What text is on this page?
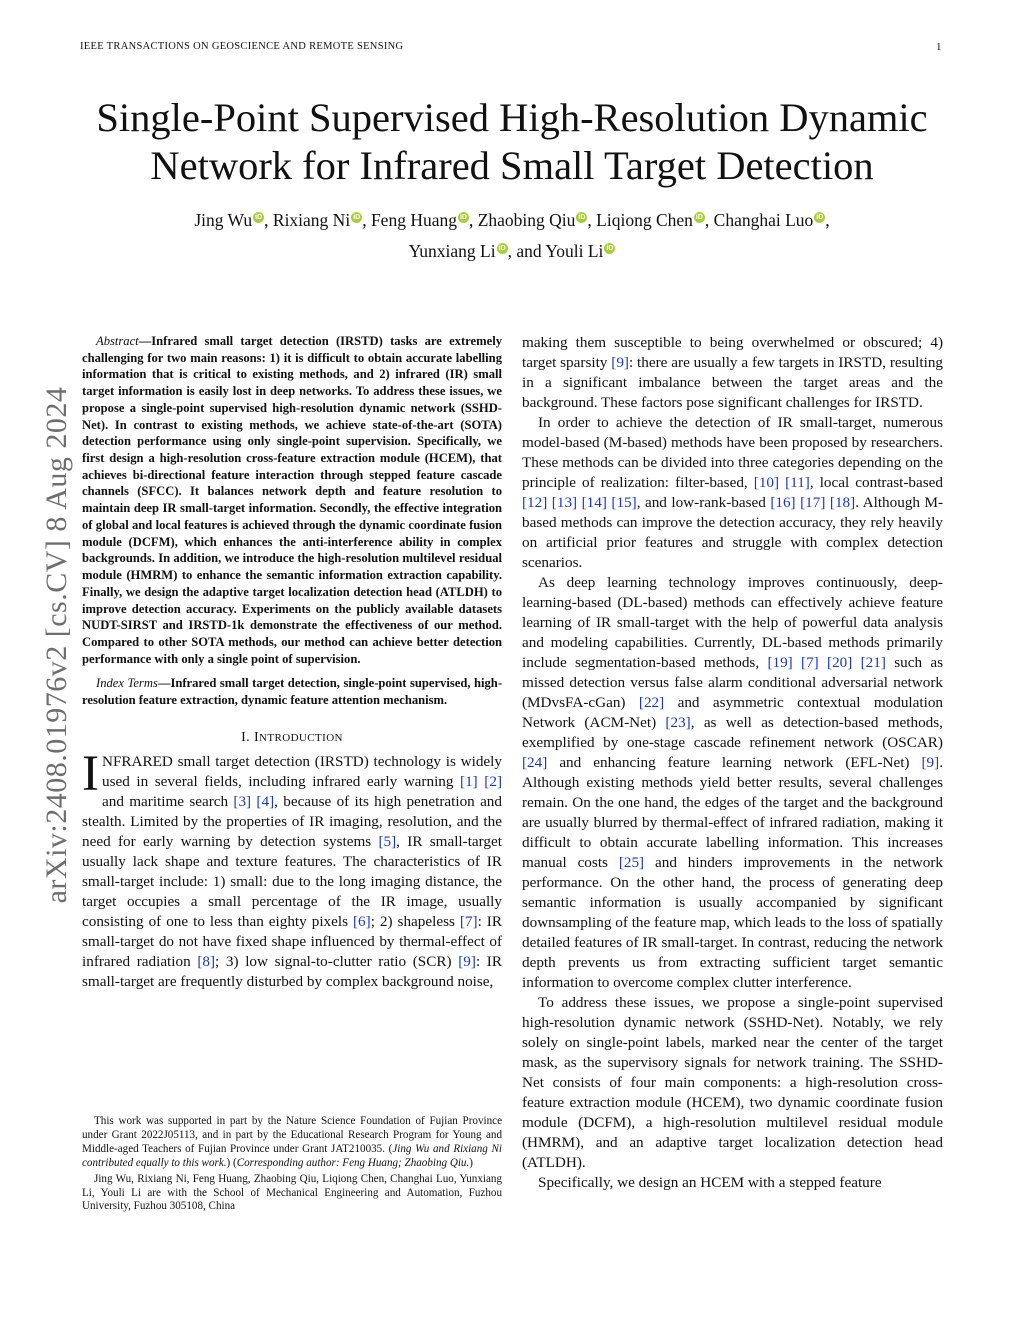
IEEE TRANSACTIONS ON GEOSCIENCE AND REMOTE SENSING	1
arXiv:2408.01976v2 [cs.CV] 8 Aug 2024
Single-Point Supervised High-Resolution Dynamic Network for Infrared Small Target Detection
Jing Wu iD , Rixiang Ni iD , Feng Huang iD , Zhaobing Qiu iD , Liqiong Chen iD , Changhai Luo iD ,
Yunxiang Li iD , and Youli Li iD

Abstract—Infrared small target detection (IRSTD) tasks are extremely challenging for two main reasons: 1) it is difficult to obtain accurate labelling information that is critical to existing methods, and 2) infrared (IR) small target information is easily lost in deep networks. To address these issues, we propose a single-point supervised high-resolution dynamic network (SSHD-Net). In contrast to existing methods, we achieve state-of-the-art (SOTA) detection performance using only single-point supervision. Specifically, we first design a high-resolution cross-feature extraction module (HCEM), that achieves bi-directional feature interaction through stepped feature cascade channels (SFCC). It balances network depth and feature resolution to maintain deep IR small-target information. Secondly, the effective integration of global and local features is achieved through the dynamic coordinate fusion module (DCFM), which enhances the anti-interference ability in complex backgrounds. In addition, we introduce the high-resolution multilevel residual module (HMRM) to enhance the semantic information extraction capability. Finally, we design the adaptive target localization detection head (ATLDH) to improve detection accuracy. Experiments on the publicly available datasets NUDT-SIRST and IRSTD-1k demonstrate the effectiveness of our method. Compared to other SOTA methods, our method can achieve better detection performance with only a single point of supervision.

Index Terms—Infrared small target detection, single-point supervised, high-resolution feature extraction, dynamic feature attention mechanism.
I. INTRODUCTION

INFRARED small target detection (IRSTD) technology is widely used in several fields, including infrared early warning [1] [2] and maritime search [3] [4], because of its high penetration and stealth. Limited by the properties of IR imaging, resolution, and the need for early warning by detection systems [5], IR small-target usually lack shape and texture features. The characteristics of IR small-target include: 1) small: due to the long imaging distance, the target occupies a small percentage of the IR image, usually consisting of one to less than eighty pixels [6]; 2) shapeless [7]: IR small-target do not have fixed shape influenced by thermal-effect of infrared radiation [8]; 3) low signal-to-clutter ratio (SCR) [9]: IR small-target are frequently disturbed by complex background noise,

making them susceptible to being overwhelmed or obscured; 4) target sparsity [9]: there are usually a few targets in IRSTD, resulting in a significant imbalance between the target areas and the background. These factors pose significant challenges for IRSTD.

In order to achieve the detection of IR small-target, numerous model-based (M-based) methods have been proposed by researchers. These methods can be divided into three categories depending on the principle of realization: filter-based, [10] [11], local contrast-based [12] [13] [14] [15], and low-rank-based [16] [17] [18]. Although M-based methods can improve the detection accuracy, they rely heavily on artificial prior features and struggle with complex detection scenarios.

As deep learning technology improves continuously, deep-learning-based (DL-based) methods can effectively achieve feature learning of IR small-target with the help of powerful data analysis and modeling capabilities. Currently, DL-based methods primarily include segmentation-based methods, [19] [7] [20] [21] such as missed detection versus false alarm conditional adversarial network (MDvsFA-cGan) [22] and asymmetric contextual modulation Network (ACM-Net) [23], as well as detection-based methods, exemplified by one-stage cascade refinement network (OSCAR) [24] and enhancing feature learning network (EFL-Net) [9]. Although existing methods yield better results, several challenges remain. On the one hand, the edges of the target and the background are usually blurred by thermal-effect of infrared radiation, making it difficult to obtain accurate labelling information. This increases manual costs [25] and hinders improvements in the network performance. On the other hand, the process of generating deep semantic information is usually accompanied by significant downsampling of the feature map, which leads to the loss of spatially detailed features of IR small-target. In contrast, reducing the network depth prevents us from extracting sufficient target semantic information to overcome complex clutter interference.

To address these issues, we propose a single-point supervised high-resolution dynamic network (SSHD-Net). Notably, we rely solely on single-point labels, marked near the center of the target mask, as the supervisory signals for network training. The SSHD-Net consists of four main components: a high-resolution cross-feature extraction module (HCEM), two dynamic coordinate fusion module (DCFM), a high-resolution multilevel residual module (HMRM), and an adaptive target localization detection head (ATLDH).

Specifically, we design an HCEM with a stepped feature

This work was supported in part by the Nature Science Foundation of Fujian Province under Grant 2022J05113, and in part by the Educational Research Program for Young and Middle-aged Teachers of Fujian Province under Grant JAT210035. (Jing Wu and Rixiang Ni contributed equally to this work.) (Corresponding author: Feng Huang; Zhaobing Qiu.)

Jing Wu, Rixiang Ni, Feng Huang, Zhaobing Qiu, Liqiong Chen, Changhai Luo, Yunxiang Li, Youli Li are with the School of Mechanical Engineering and Automation, Fuzhou University, Fuzhou 305108, China
